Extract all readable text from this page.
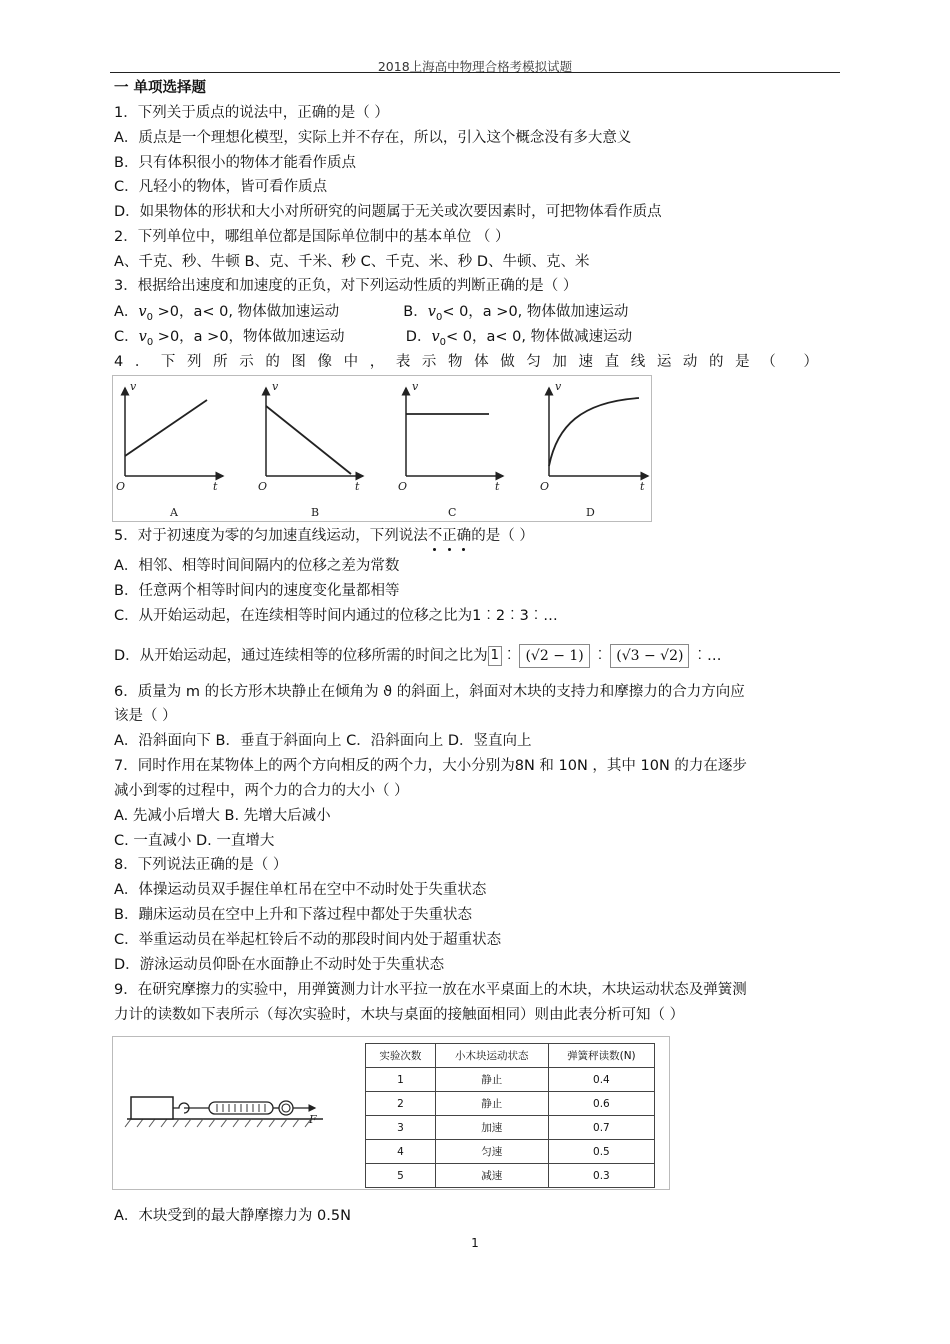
2018上海高中物理合格考模拟试题
一 单项选择题
1．下列关于质点的说法中，正确的是（ ）
A．质点是一个理想化模型，实际上并不存在，所以，引入这个概念没有多大意义
B．只有体积很小的物体才能看作质点
C．凡轻小的物体，皆可看作质点
D．如果物体的形状和大小对所研究的问题属于无关或次要因素时，可把物体看作质点
2．下列单位中，哪组单位都是国际单位制中的基本单位 （ ）
A、千克、秒、牛顿 B、克、千米、秒 C、千克、米、秒 D、牛顿、克、米
3．根据给出速度和加速度的正负，对下列运动性质的判断正确的是（ ）
A．$v_0 >0$，a< 0, 物体做加速运动	B．$v_0< 0$，a >0, 物体做加速运动
C．$v_0 >0$，a >0，物体做加速运动	D．$v_0< 0$，a< 0, 物体做减速运动
4．下列所示的图像中，表示物体做匀加速直线运动的是（ ）
v
t
O
A
v
t
O
B
v
t
O
C
v
t
O
D
5．对于初速度为零的匀加速直线运动，下列说法不
正
确
的是（ ）
A．相邻、相等时间间隔内的位移之差为常数
B．任意两个相等时间内的速度变化量都相等
C．从开始运动起，在连续相等时间内通过的位移之比为1︰2︰3︰…
D．从开始运动起，通过连续相等的位移所需的时间之比为 1 ︰ (√2 − 1) ︰ (√3 − √2) ︰…
6．质量为 m 的长方形木块静止在倾角为 ϑ 的斜面上，斜面对木块的支持力和摩擦力的合力方向应
该是（ ）
A．沿斜面向下 B．垂直于斜面向上 C．沿斜面向上 D．竖直向上
7．同时作用在某物体上的两个方向相反的两个力，大小分别为8N 和 10N ，其中 10N 的力在逐步
减小到零的过程中，两个力的合力的大小（ ）
A. 先减小后增大 B. 先增大后减小
C. 一直减小 D. 一直增大
8．下列说法正确的是（ ）
A．体操运动员双手握住单杠吊在空中不动时处于失重状态
B．蹦床运动员在空中上升和下落过程中都处于失重状态
C．举重运动员在举起杠铃后不动的那段时间内处于超重状态
D．游泳运动员仰卧在水面静止不动时处于失重状态
9．在研究摩擦力的实验中，用弹簧测力计水平拉一放在水平桌面上的木块，木块运动状态及弹簧测
力计的读数如下表所示（每次实验时，木块与桌面的接触面相同）则由此表分析可知（ ）
F
实验次数	小木块运动状态	弹簧秤读数(N)
1	静止	0.4
2	静止	0.6
3	加速	0.7
4	匀速	0.5
5	减速	0.3
A．木块受到的最大静摩擦力为 0.5N
1
